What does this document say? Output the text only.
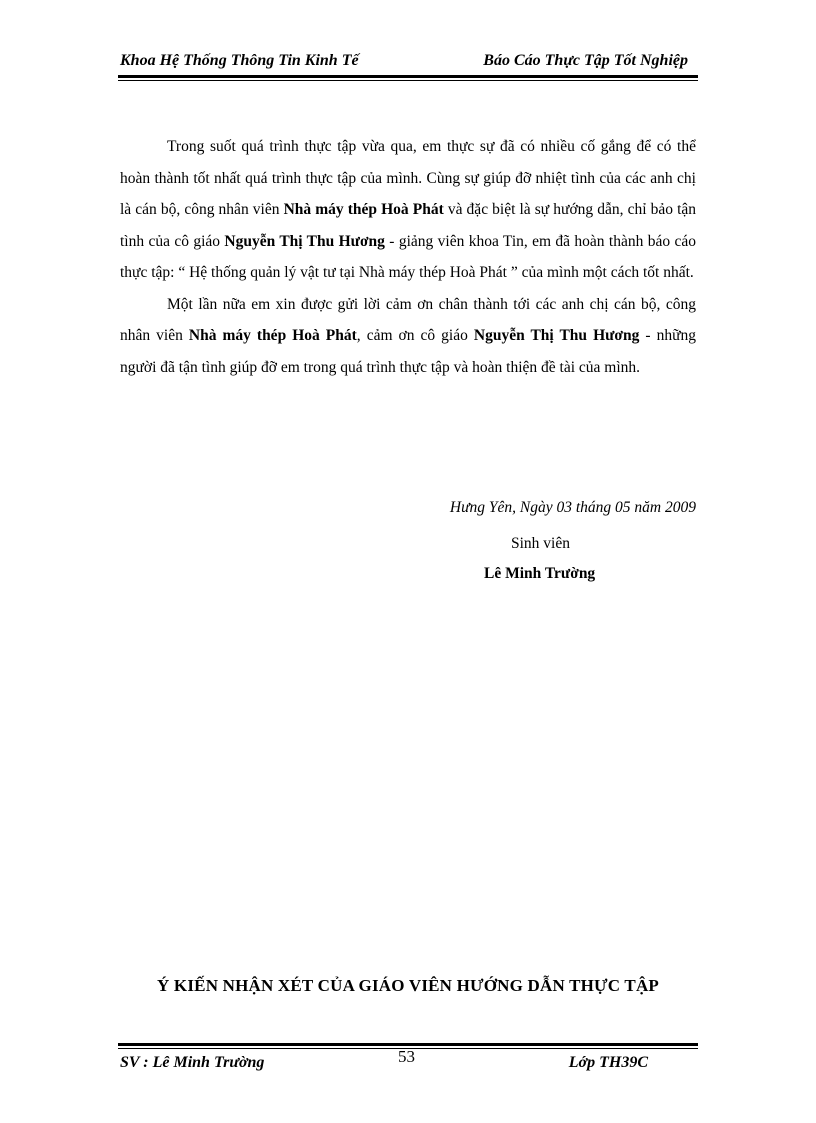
Khoa Hệ Thống Thông Tin Kinh Tế	Báo Cáo Thực Tập Tốt Nghiệp

Trong suốt quá trình thực tập vừa qua, em thực sự đã có nhiều cố gắng để có thể hoàn thành tốt nhất quá trình thực tập của mình. Cùng sự giúp đỡ nhiệt tình của các anh chị là cán bộ, công nhân viên Nhà máy thép Hoà Phát và đặc biệt là sự hướng dẫn, chỉ bảo tận tình của cô giáo Nguyễn Thị Thu Hương - giảng viên khoa Tin, em đã hoàn thành báo cáo thực tập: “ Hệ thống quản lý vật tư tại Nhà máy thép Hoà Phát ” của mình một cách tốt nhất.

Một lần nữa em xin được gửi lời cảm ơn chân thành tới các anh chị cán bộ, công nhân viên Nhà máy thép Hoà Phát, cảm ơn cô giáo Nguyễn Thị Thu Hương - những người đã tận tình giúp đỡ em trong quá trình thực tập và hoàn thiện đề tài của mình.

Hưng Yên, Ngày 03 tháng 05 năm 2009
Sinh viên
Lê Minh Trường
Ý KIẾN NHẬN XÉT CỦA GIÁO VIÊN HƯỚNG DẪN THỰC TẬP
SV : Lê Minh Trường	53	Lớp TH39C
